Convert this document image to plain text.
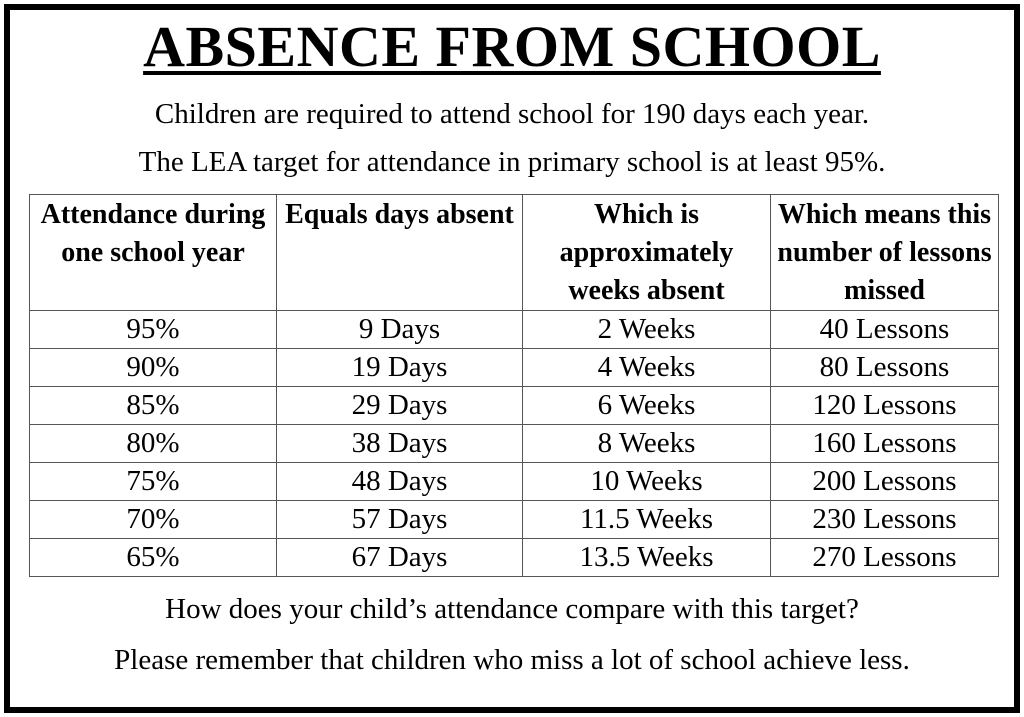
ABSENCE FROM SCHOOL
Children are required to attend school for 190 days each year.
The LEA target for attendance in primary school is at least 95%.
Attendance during one school year	Equals days absent	Which is approximately weeks absent	Which means this number of lessons missed
95%	9 Days	2 Weeks	40 Lessons
90%	19 Days	4 Weeks	80 Lessons
85%	29 Days	6 Weeks	120 Lessons
80%	38 Days	8 Weeks	160 Lessons
75%	48 Days	10 Weeks	200 Lessons
70%	57 Days	11.5 Weeks	230 Lessons
65%	67 Days	13.5 Weeks	270 Lessons
How does your child’s attendance compare with this target?
Please remember that children who miss a lot of school achieve less.
